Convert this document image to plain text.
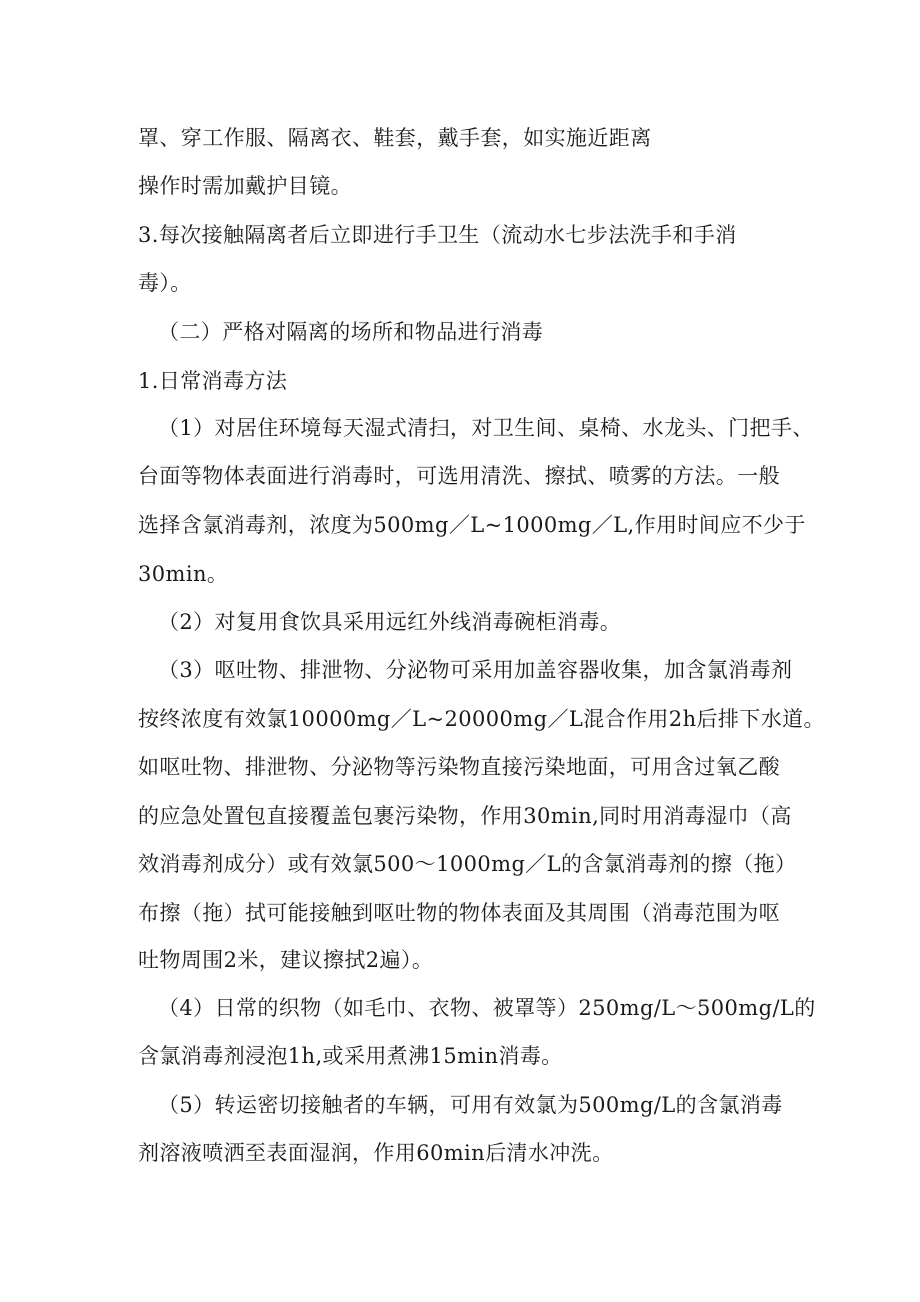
罩、穿工作服、隔离衣、鞋套，戴手套，如实施近距离
操作时需加戴护目镜。
3.每次接触隔离者后立即进行手卫生（流动水七步法洗手和手消
毒）。
（二）严格对隔离的场所和物品进行消毒
1.日常消毒方法
（1）对居住环境每天湿式清扫，对卫生间、桌椅、水龙头、门把手、
台面等物体表面进行消毒时，可选用清洗、擦拭、喷雾的方法。一般
选择含氯消毒剂，浓度为500mg／L~1000mg／L,作用时间应不少于
30min。
（2）对复用食饮具采用远红外线消毒碗柜消毒。
（3）呕吐物、排泄物、分泌物可采用加盖容器收集，加含氯消毒剂
按终浓度有效氯10000mg／L~20000mg／L混合作用2h后排下水道。
如呕吐物、排泄物、分泌物等污染物直接污染地面，可用含过氧乙酸
的应急处置包直接覆盖包裹污染物，作用30min,同时用消毒湿巾（高
效消毒剂成分）或有效氯500～1000mg／L的含氯消毒剂的擦（拖）
布擦（拖）拭可能接触到呕吐物的物体表面及其周围（消毒范围为呕
吐物周围2米，建议擦拭2遍）。
（4）日常的织物（如毛巾、衣物、被罩等）250mg/L～500mg/L的
含氯消毒剂浸泡1h,或采用煮沸15min消毒。
（5）转运密切接触者的车辆，可用有效氯为500mg/L的含氯消毒
剂溶液喷洒至表面湿润，作用60min后清水冲洗。
